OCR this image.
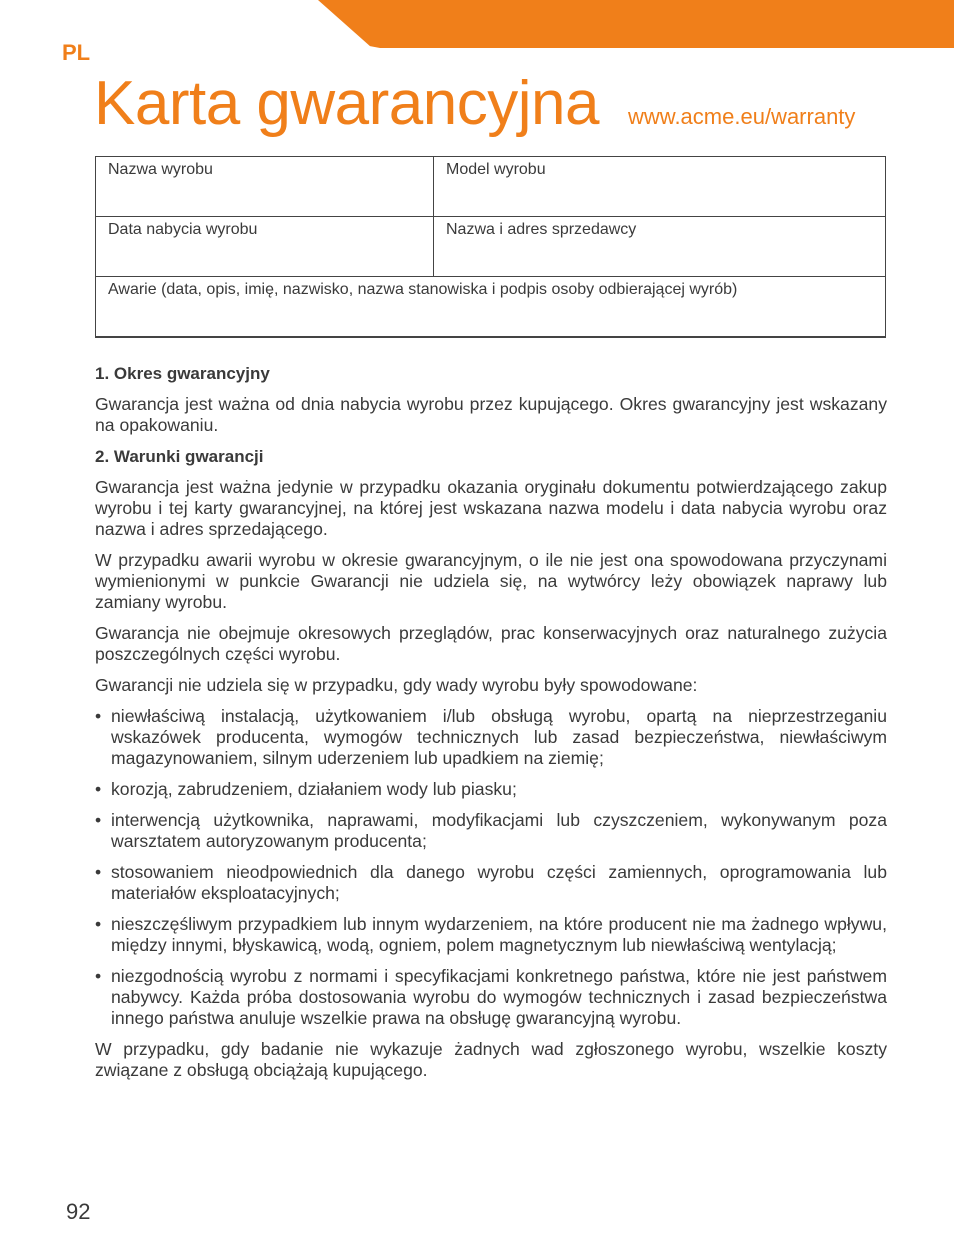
PL
Karta gwarancyjna www.acme.eu/warranty
Nazwa wyrobu	Model wyrobu
Data nabycia wyrobu	Nazwa i adres sprzedawcy
Awarie (data, opis, imię, nazwisko, nazwa stanowiska i podpis osoby odbierającej wyrób)	
1. Okres gwarancyjny

Gwarancja jest ważna od dnia nabycia wyrobu przez kupującego. Okres gwarancyjny jest wskazany na opakowaniu.

2. Warunki gwarancji

Gwarancja jest ważna jedynie w przypadku okazania oryginału dokumentu potwierdzającego zakup wyrobu i tej karty gwarancyjnej, na której jest wskazana nazwa modelu i data nabycia wyrobu oraz nazwa i adres sprzedającego.

W przypadku awarii wyrobu w okresie gwarancyjnym, o ile nie jest ona spowodowana przyczynami wymienionymi w punkcie Gwarancji nie udziela się, na wytwórcy leży obowiązek naprawy lub zamiany wyrobu.

Gwarancja nie obejmuje okresowych przeglądów, prac konserwacyjnych oraz naturalnego zużycia poszczególnych części wyrobu.

Gwarancji nie udziela się w przypadku, gdy wady wyrobu były spowodowane:

• niewłaściwą instalacją, użytkowaniem i/lub obsługą wyrobu, opartą na nieprzestrzeganiu wskazówek producenta, wymogów technicznych lub zasad bezpieczeństwa, niewłaściwym magazynowaniem, silnym uderzeniem lub upadkiem na ziemię;
• korozją, zabrudzeniem, działaniem wody lub piasku;
• interwencją użytkownika, naprawami, modyfikacjami lub czyszczeniem, wykonywanym poza warsztatem autoryzowanym producenta;
• stosowaniem nieodpowiednich dla danego wyrobu części zamiennych, oprogramowania lub materiałów eksploatacyjnych;
• nieszczęśliwym przypadkiem lub innym wydarzeniem, na które producent nie ma żadnego wpływu, między innymi, błyskawicą, wodą, ogniem, polem magnetycznym lub niewłaściwą wentylacją;
• niezgodnością wyrobu z normami i specyfikacjami konkretnego państwa, które nie jest państwem nabywcy. Każda próba dostosowania wyrobu do wymogów technicznych i zasad bezpieczeństwa innego państwa anuluje wszelkie prawa na obsługę gwarancyjną wyrobu.

W przypadku, gdy badanie nie wykazuje żadnych wad zgłoszonego wyrobu, wszelkie koszty związane z obsługą obciążają kupującego.

92
